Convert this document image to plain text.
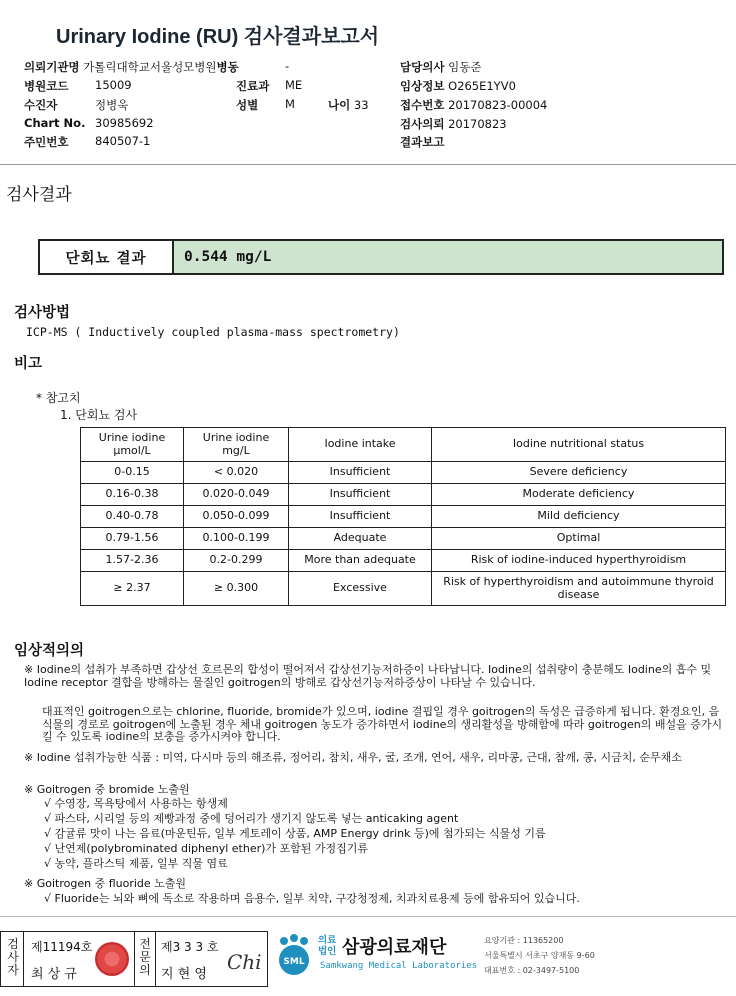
Urinary Iodine (RU) 검사결과보고서
의뢰기관명 가톨릭대학교서울성모병원병동	-	담당의사 임동준
병원코드 15009	진료과 ME	임상정보 O265E1YV0
수진자	정병욱	성별 M	나이 33	접수번호 20170823-00004
Chart No. 30985692	검사의뢰 20170823
주민번호 840507-1	결과보고
검사결과
단회뇨 결과	0.544 mg/L
검사방법
ICP-MS ( Inductively coupled plasma-mass spectrometry)
비고
* 참고치
1. 단회뇨 검사
Urine iodine μmol/L	Urine iodine mg/L	Iodine intake	Iodine nutritional status
0-0.15	< 0.020	Insufficient	Severe deficiency
0.16-0.38	0.020-0.049	Insufficient	Moderate deficiency
0.40-0.78	0.050-0.099	Insufficient	Mild deficiency
0.79-1.56	0.100-0.199	Adequate	Optimal
1.57-2.36	0.2-0.299	More than adequate	Risk of iodine-induced hyperthyroidism
≥ 2.37	≥ 0.300	Excessive	Risk of hyperthyroidism and autoimmune thyroid disease
임상적의의
※ Iodine의 섭취가 부족하면 갑상선 호르몬의 합성이 떨어져서 갑상선기능저하증이 나타납니다. Iodine의 섭취량이 충분해도 Iodine의 흡수 및 Iodine receptor 결합을 방해하는 물질인 goitrogen의 방해로 갑상선기능저하증상이 나타날 수 있습니다.
대표적인 goitrogen으로는 chlorine, fluoride, bromide가 있으며, iodine 결핍일 경우 goitrogen의 독성은 급증하게 됩니다. 환경요인, 음식물의 경로로 goitrogen에 노출된 경우 체내 goitrogen 농도가 증가하면서 iodine의 생리활성을 방해함에 따라 goitrogen의 배설을 증가시킬 수 있도록 iodine의 보충을 증가시켜야 합니다.
※ Iodine 섭취가능한 식품 : 미역, 다시마 등의 해조류, 정어리, 참치, 새우, 굴, 조개, 연어, 새우, 리마콩, 근대, 참깨, 콩, 시금치, 순무채소
※ Goitrogen 중 bromide 노출원
√ 수영장, 목욕탕에서 사용하는 항생제
√ 파스타, 시리얼 등의 제빵과정 중에 덩어리가 생기지 않도록 넣는 anticaking agent
√ 감귤류 맛이 나는 음료(마운틴듀, 일부 게토레이 상품, AMP Energy drink 등)에 첨가되는 식물성 기름
√ 난연제(polybrominated diphenyl ether)가 포함된 가정집기류
√ 농약, 플라스틱 제품, 일부 직물 염료
※ Goitrogen 중 fluoride 노출원
√ Fluoride는 뇌와 뼈에 독소로 작용하며 음용수, 일부 치약, 구강청정제, 치과치료용제 등에 함유되어 있습니다.
검사자
제11194호
최 상 규
전문의
제3 3 3 호
지 현 영
Chi SML
의료법인 삼광의료재단
Samkwang Medical Laboratories
요양기관 : 11365200
서울특별시 서초구 양재동 9-60
대표번호 : 02-3497-5100
